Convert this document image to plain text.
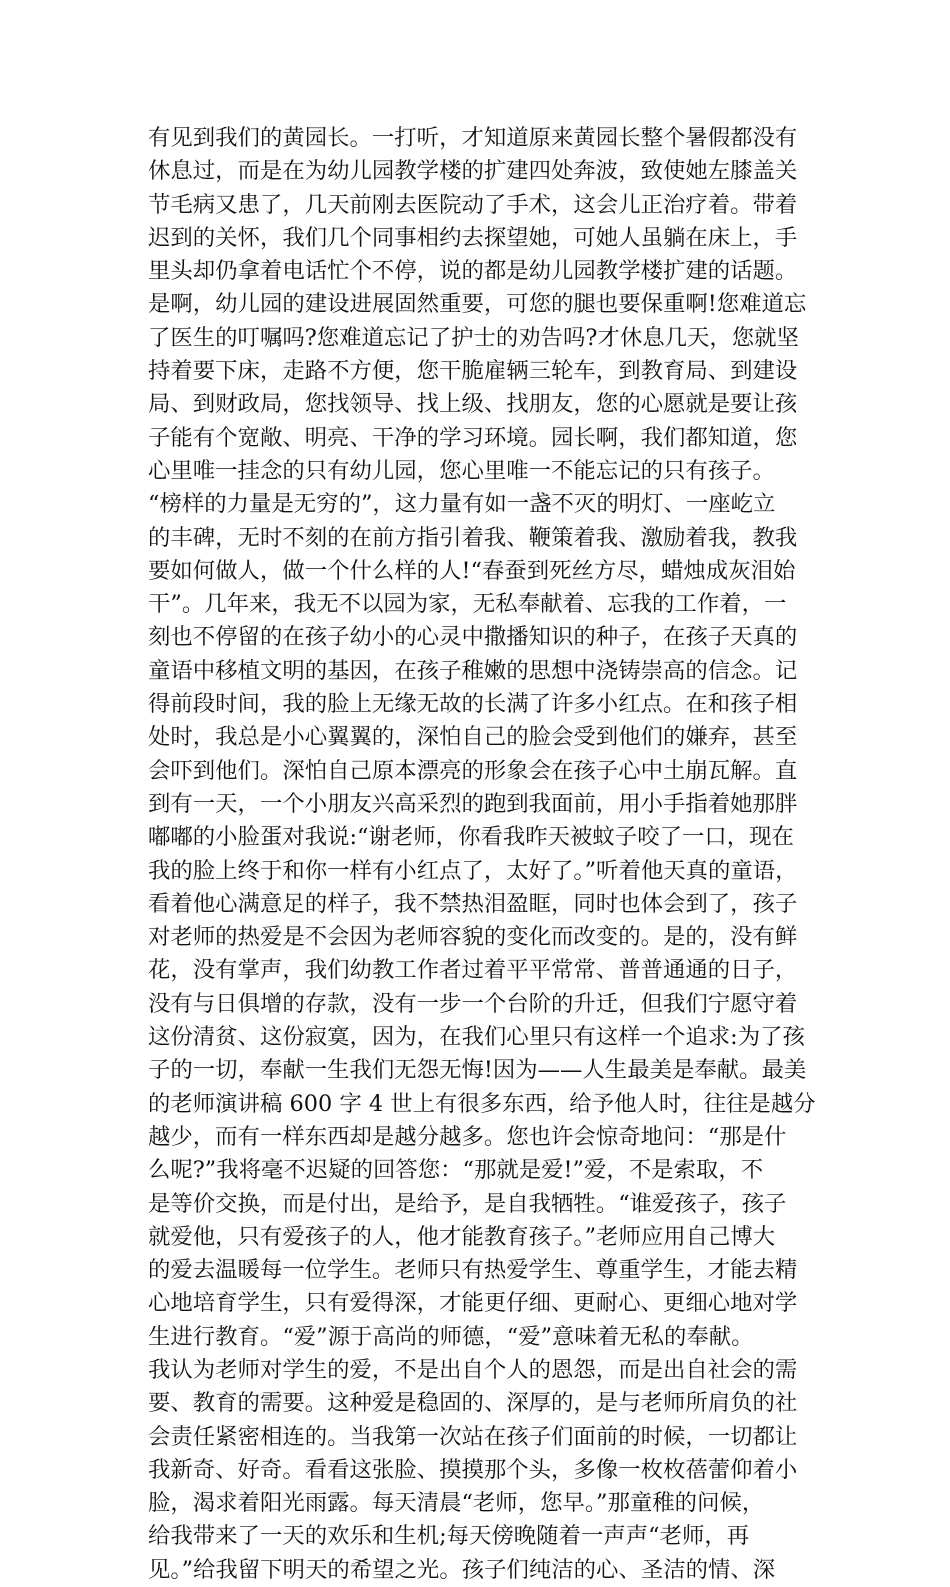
有见到我们的黄园长。一打听，才知道原来黄园长整个暑假都没有
休息过，而是在为幼儿园教学楼的扩建四处奔波，致使她左膝盖关
节毛病又患了，几天前刚去医院动了手术，这会儿正治疗着。带着
迟到的关怀，我们几个同事相约去探望她，可她人虽躺在床上，手
里头却仍拿着电话忙个不停，说的都是幼儿园教学楼扩建的话题。
是啊，幼儿园的建设进展固然重要，可您的腿也要保重啊!您难道忘
了医生的叮嘱吗?您难道忘记了护士的劝告吗?才休息几天，您就坚
持着要下床，走路不方便，您干脆雇辆三轮车，到教育局、到建设
局、到财政局，您找领导、找上级、找朋友，您的心愿就是要让孩
子能有个宽敞、明亮、干净的学习环境。园长啊，我们都知道，您
心里唯一挂念的只有幼儿园，您心里唯一不能忘记的只有孩子。
“榜样的力量是无穷的”，这力量有如一盏不灭的明灯、一座屹立
的丰碑，无时不刻的在前方指引着我、鞭策着我、激励着我，教我
要如何做人，做一个什么样的人!“春蚕到死丝方尽，蜡烛成灰泪始
干”。几年来，我无不以园为家，无私奉献着、忘我的工作着，一
刻也不停留的在孩子幼小的心灵中撒播知识的种子，在孩子天真的
童语中移植文明的基因，在孩子稚嫩的思想中浇铸崇高的信念。记
得前段时间，我的脸上无缘无故的长满了许多小红点。在和孩子相
处时，我总是小心翼翼的，深怕自己的脸会受到他们的嫌弃，甚至
会吓到他们。深怕自己原本漂亮的形象会在孩子心中土崩瓦解。直
到有一天，一个小朋友兴高采烈的跑到我面前，用小手指着她那胖
嘟嘟的小脸蛋对我说:“谢老师，你看我昨天被蚊子咬了一口，现在
我的脸上终于和你一样有小红点了，太好了。”听着他天真的童语，
看着他心满意足的样子，我不禁热泪盈眶，同时也体会到了，孩子
对老师的热爱是不会因为老师容貌的变化而改变的。是的，没有鲜
花，没有掌声，我们幼教工作者过着平平常常、普普通通的日子，
没有与日俱增的存款，没有一步一个台阶的升迁，但我们宁愿守着
这份清贫、这份寂寞，因为，在我们心里只有这样一个追求:为了孩
子的一切，奉献一生我们无怨无悔!因为——人生最美是奉献。最美
的老师演讲稿 600 字 4 世上有很多东西，给予他人时，往往是越分
越少，而有一样东西却是越分越多。您也许会惊奇地问：“那是什
么呢?”我将毫不迟疑的回答您：“那就是爱!”爱，不是索取，不
是等价交换，而是付出，是给予，是自我牺牲。“谁爱孩子，孩子
就爱他，只有爱孩子的人，他才能教育孩子。”老师应用自己博大
的爱去温暖每一位学生。老师只有热爱学生、尊重学生，才能去精
心地培育学生，只有爱得深，才能更仔细、更耐心、更细心地对学
生进行教育。“爱”源于高尚的师德，“爱”意味着无私的奉献。
我认为老师对学生的爱，不是出自个人的恩怨，而是出自社会的需
要、教育的需要。这种爱是稳固的、深厚的，是与老师所肩负的社
会责任紧密相连的。当我第一次站在孩子们面前的时候，一切都让
我新奇、好奇。看看这张脸、摸摸那个头，多像一枚枚蓓蕾仰着小
脸，渴求着阳光雨露。每天清晨“老师，您早。”那童稚的问候，
给我带来了一天的欢乐和生机;每天傍晚随着一声声“老师，再
见。”给我留下明天的希望之光。孩子们纯洁的心、圣洁的情、深
